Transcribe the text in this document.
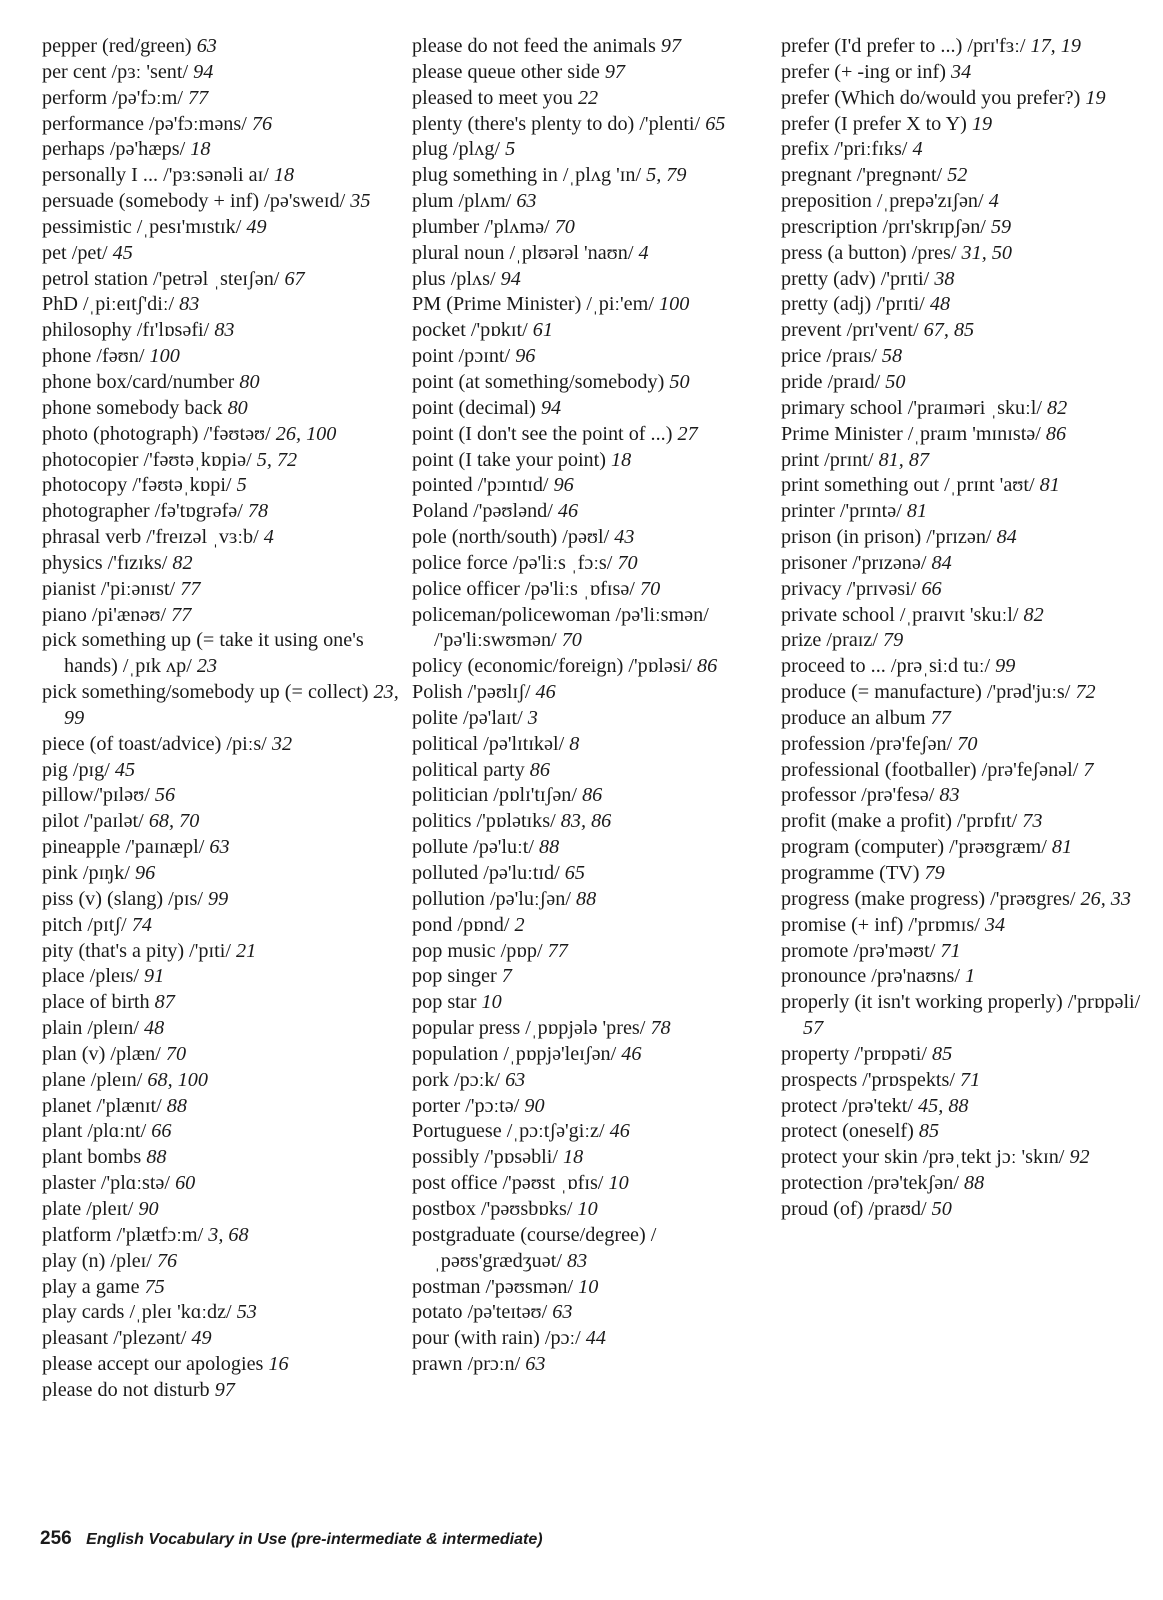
pepper (red/green) 63
per cent /pɜː 'sent/ 94
perform /pə'fɔːm/ 77
performance /pə'fɔːməns/ 76
perhaps /pə'hæps/ 18
personally I ... /'pɜːsənəli aɪ/ 18
persuade (somebody + inf) /pə'sweɪd/ 35
pessimistic /ˌpesɪ'mɪstɪk/ 49
pet /pet/ 45
petrol station /'petrəl ˌsteɪʃən/ 67
PhD /ˌpiːeɪtʃ'diː/ 83
philosophy /fɪ'lɒsəfi/ 83
phone /fəʊn/ 100
phone box/card/number 80
phone somebody back 80
photo (photograph) /'fəʊtəʊ/ 26, 100
photocopier /'fəʊtəˌkɒpiə/ 5, 72
photocopy /'fəʊtəˌkɒpi/ 5
photographer /fə'tɒgrəfə/ 78
phrasal verb /'freɪzəl ˌvɜːb/ 4
physics /'fɪzɪks/ 82
pianist /'piːənɪst/ 77
piano /pi'ænəʊ/ 77
pick something up (= take it using one's hands) /ˌpɪk ʌp/ 23
pick something/somebody up (= collect) 23, 99
piece (of toast/advice) /piːs/ 32
pig /pɪg/ 45
pillow/'pɪləʊ/ 56
pilot /'paɪlət/ 68, 70
pineapple /'paɪnæpl/ 63
pink /pɪŋk/ 96
piss (v) (slang) /pɪs/ 99
pitch /pɪtʃ/ 74
pity (that's a pity) /'pɪti/ 21
place /pleɪs/ 91
place of birth 87
plain /pleɪn/ 48
plan (v) /plæn/ 70
plane /pleɪn/ 68, 100
planet /'plænɪt/ 88
plant /plɑːnt/ 66
plant bombs 88
plaster /'plɑːstə/ 60
plate /pleɪt/ 90
platform /'plætfɔːm/ 3, 68
play (n) /pleɪ/ 76
play a game 75
play cards /ˌpleɪ 'kɑːdz/ 53
pleasant /'plezənt/ 49
please accept our apologies 16
please do not disturb 97
please do not feed the animals 97
please queue other side 97
pleased to meet you 22
plenty (there's plenty to do) /'plenti/ 65
plug /plʌg/ 5
plug something in /ˌplʌg 'ɪn/ 5, 79
plum /plʌm/ 63
plumber /'plʌmə/ 70
plural noun /ˌplʊərəl 'naʊn/ 4
plus /plʌs/ 94
PM (Prime Minister) /ˌpiː'em/ 100
pocket /'pɒkɪt/ 61
point /pɔɪnt/ 96
point (at something/somebody) 50
point (decimal) 94
point (I don't see the point of ...) 27
point (I take your point) 18
pointed /'pɔɪntɪd/ 96
Poland /'pəʊlənd/ 46
pole (north/south) /pəʊl/ 43
police force /pə'liːs ˌfɔːs/ 70
police officer /pə'liːs ˌɒfɪsə/ 70
policeman/policewoman /pə'liːsmən/ /'pə'liːswʊmən/ 70
policy (economic/foreign) /'pɒləsi/ 86
Polish /'pəʊlɪʃ/ 46
polite /pə'laɪt/ 3
political /pə'lɪtɪkəl/ 8
political party 86
politician /pɒlɪ'tɪʃən/ 86
politics /'pɒlətɪks/ 83, 86
pollute /pə'luːt/ 88
polluted /pə'luːtɪd/ 65
pollution /pə'luːʃən/ 88
pond /pɒnd/ 2
pop music /pɒp/ 77
pop singer 7
pop star 10
popular press /ˌpɒpjələ 'pres/ 78
population /ˌpɒpjə'leɪʃən/ 46
pork /pɔːk/ 63
porter /'pɔːtə/ 90
Portuguese /ˌpɔːtʃə'giːz/ 46
possibly /'pɒsəbli/ 18
post office /'pəʊst ˌɒfɪs/ 10
postbox /'pəʊsbɒks/ 10
postgraduate (course/degree) /ˌpəʊs'grædʒuət/ 83
postman /'pəʊsmən/ 10
potato /pə'teɪtəʊ/ 63
pour (with rain) /pɔː/ 44
prawn /prɔːn/ 63
prefer (I'd prefer to ...) /prɪ'fɜː/ 17, 19
prefer (+ -ing or inf) 34
prefer (Which do/would you prefer?) 19
prefer (I prefer X to Y) 19
prefix /'priːfɪks/ 4
pregnant /'pregnənt/ 52
preposition /ˌprepə'zɪʃən/ 4
prescription /prɪ'skrɪpʃən/ 59
press (a button) /pres/ 31, 50
pretty (adv) /'prɪti/ 38
pretty (adj) /'prɪti/ 48
prevent /prɪ'vent/ 67, 85
price /praɪs/ 58
pride /praɪd/ 50
primary school /'praɪməri ˌskuːl/ 82
Prime Minister /ˌpraɪm 'mɪnɪstə/ 86
print /prɪnt/ 81, 87
print something out /ˌprɪnt 'aʊt/ 81
printer /'prɪntə/ 81
prison (in prison) /'prɪzən/ 84
prisoner /'prɪzənə/ 84
privacy /'prɪvəsi/ 66
private school /ˌpraɪvɪt 'skuːl/ 82
prize /praɪz/ 79
proceed to ... /prəˌsiːd tuː/ 99
produce (= manufacture) /'prəd'juːs/ 72
produce an album 77
profession /prə'feʃən/ 70
professional (footballer) /prə'feʃənəl/ 7
professor /prə'fesə/ 83
profit (make a profit) /'prɒfɪt/ 73
program (computer) /'prəʊgræm/ 81
programme (TV) 79
progress (make progress) /'prəʊgres/ 26, 33
promise (+ inf) /'prɒmɪs/ 34
promote /prə'məʊt/ 71
pronounce /prə'naʊns/ 1
properly (it isn't working properly) /'prɒpəli/ 57
property /'prɒpəti/ 85
prospects /'prɒspekts/ 71
protect /prə'tekt/ 45, 88
protect (oneself) 85
protect your skin /prəˌtekt jɔː 'skɪn/ 92
protection /prə'tekʃən/ 88
proud (of) /praʊd/ 50
256 English Vocabulary in Use (pre-intermediate & intermediate)
